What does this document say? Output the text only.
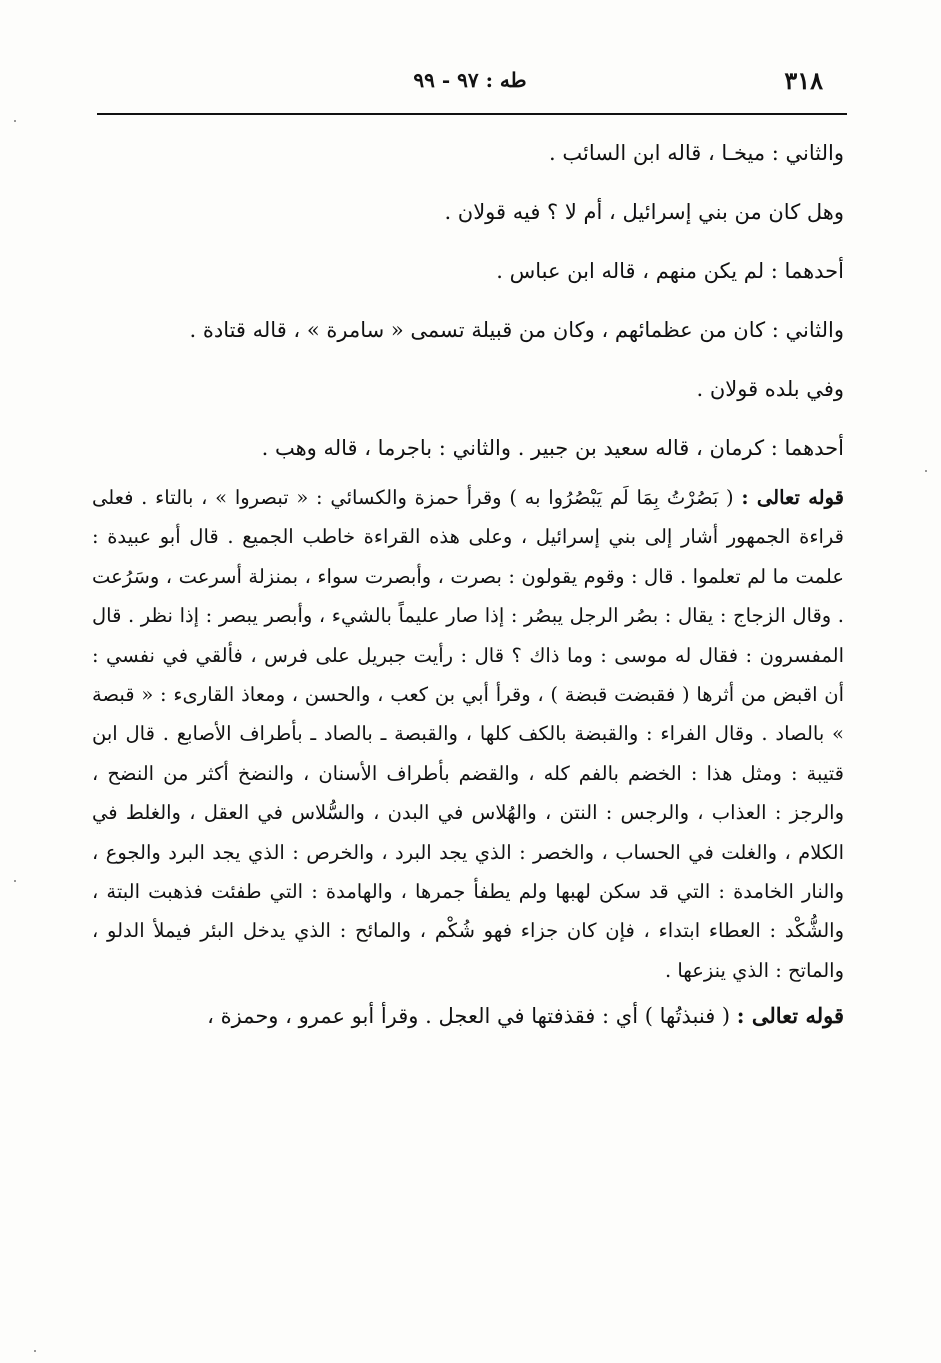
٣١٨
طه : ٩٧ - ٩٩

والثاني : ميخـا ، قاله ابن السائب .

وهل كان من بني إسرائيل ، أم لا ؟ فيه قولان .

أحدهما : لم يكن منهم ، قاله ابن عباس .

والثاني : كان من عظمائهم ، وكان من قبيلة تسمى « سامرة » ، قاله قتادة .

وفي بلده قولان .

أحدهما : كرمان ، قاله سعيد بن جبير . والثاني : باجرما ، قاله وهب .

قوله تعالى : ( بَصُرْتُ بِمَا لَم يَبْصُرُوا به ) وقرأ حمزة والكسائي : « تبصروا » ، بالتاء . فعلى قراءة الجمهور أشار إلى بني إسرائيل ، وعلى هذه القراءة خاطب الجميع . قال أبو عبيدة : علمت ما لم تعلموا . قال : وقوم يقولون : بصرت ، وأبصرت سواء ، بمنزلة أسرعت ، وسَرُعت . وقال الزجاج : يقال : بصُر الرجل يبصُر : إذا صار عليماً بالشيء ، وأبصر يبصر : إذا نظر . قال المفسرون : فقال له موسى : وما ذاك ؟ قال : رأيت جبريل على فرس ، فألقي في نفسي : أن اقبض من أثرها ( فقبضت قبضة ) ، وقرأ أبي بن كعب ، والحسن ، ومعاذ القارىء : « قبصة » بالصاد . وقال الفراء : والقبضة بالكف كلها ، والقبصة ـ بالصاد ـ بأطراف الأصابع . قال ابن قتيبة : ومثل هذا : الخضم بالفم كله ، والقضم بأطراف الأسنان ، والنضخ أكثر من النضح ، والرجز : العذاب ، والرجس : النتن ، والهُلاس في البدن ، والسُّلاس في العقل ، والغلط في الكلام ، والغلت في الحساب ، والخصر : الذي يجد البرد ، والخرص : الذي يجد البرد والجوع ، والنار الخامدة : التي قد سكن لهبها ولم يطفأ جمرها ، والهامدة : التي طفئت فذهبت البتة ، والشُّكْد : العطاء ابتداء ، فإن كان جزاء فهو شُكْم ، والمائح : الذي يدخل البئر فيملأ الدلو ، والماتح : الذي ينزعها .

قوله تعالى : ( فنبذتُها ) أي : فقذفتها في العجل . وقرأ أبو عمرو ، وحمزة ،
